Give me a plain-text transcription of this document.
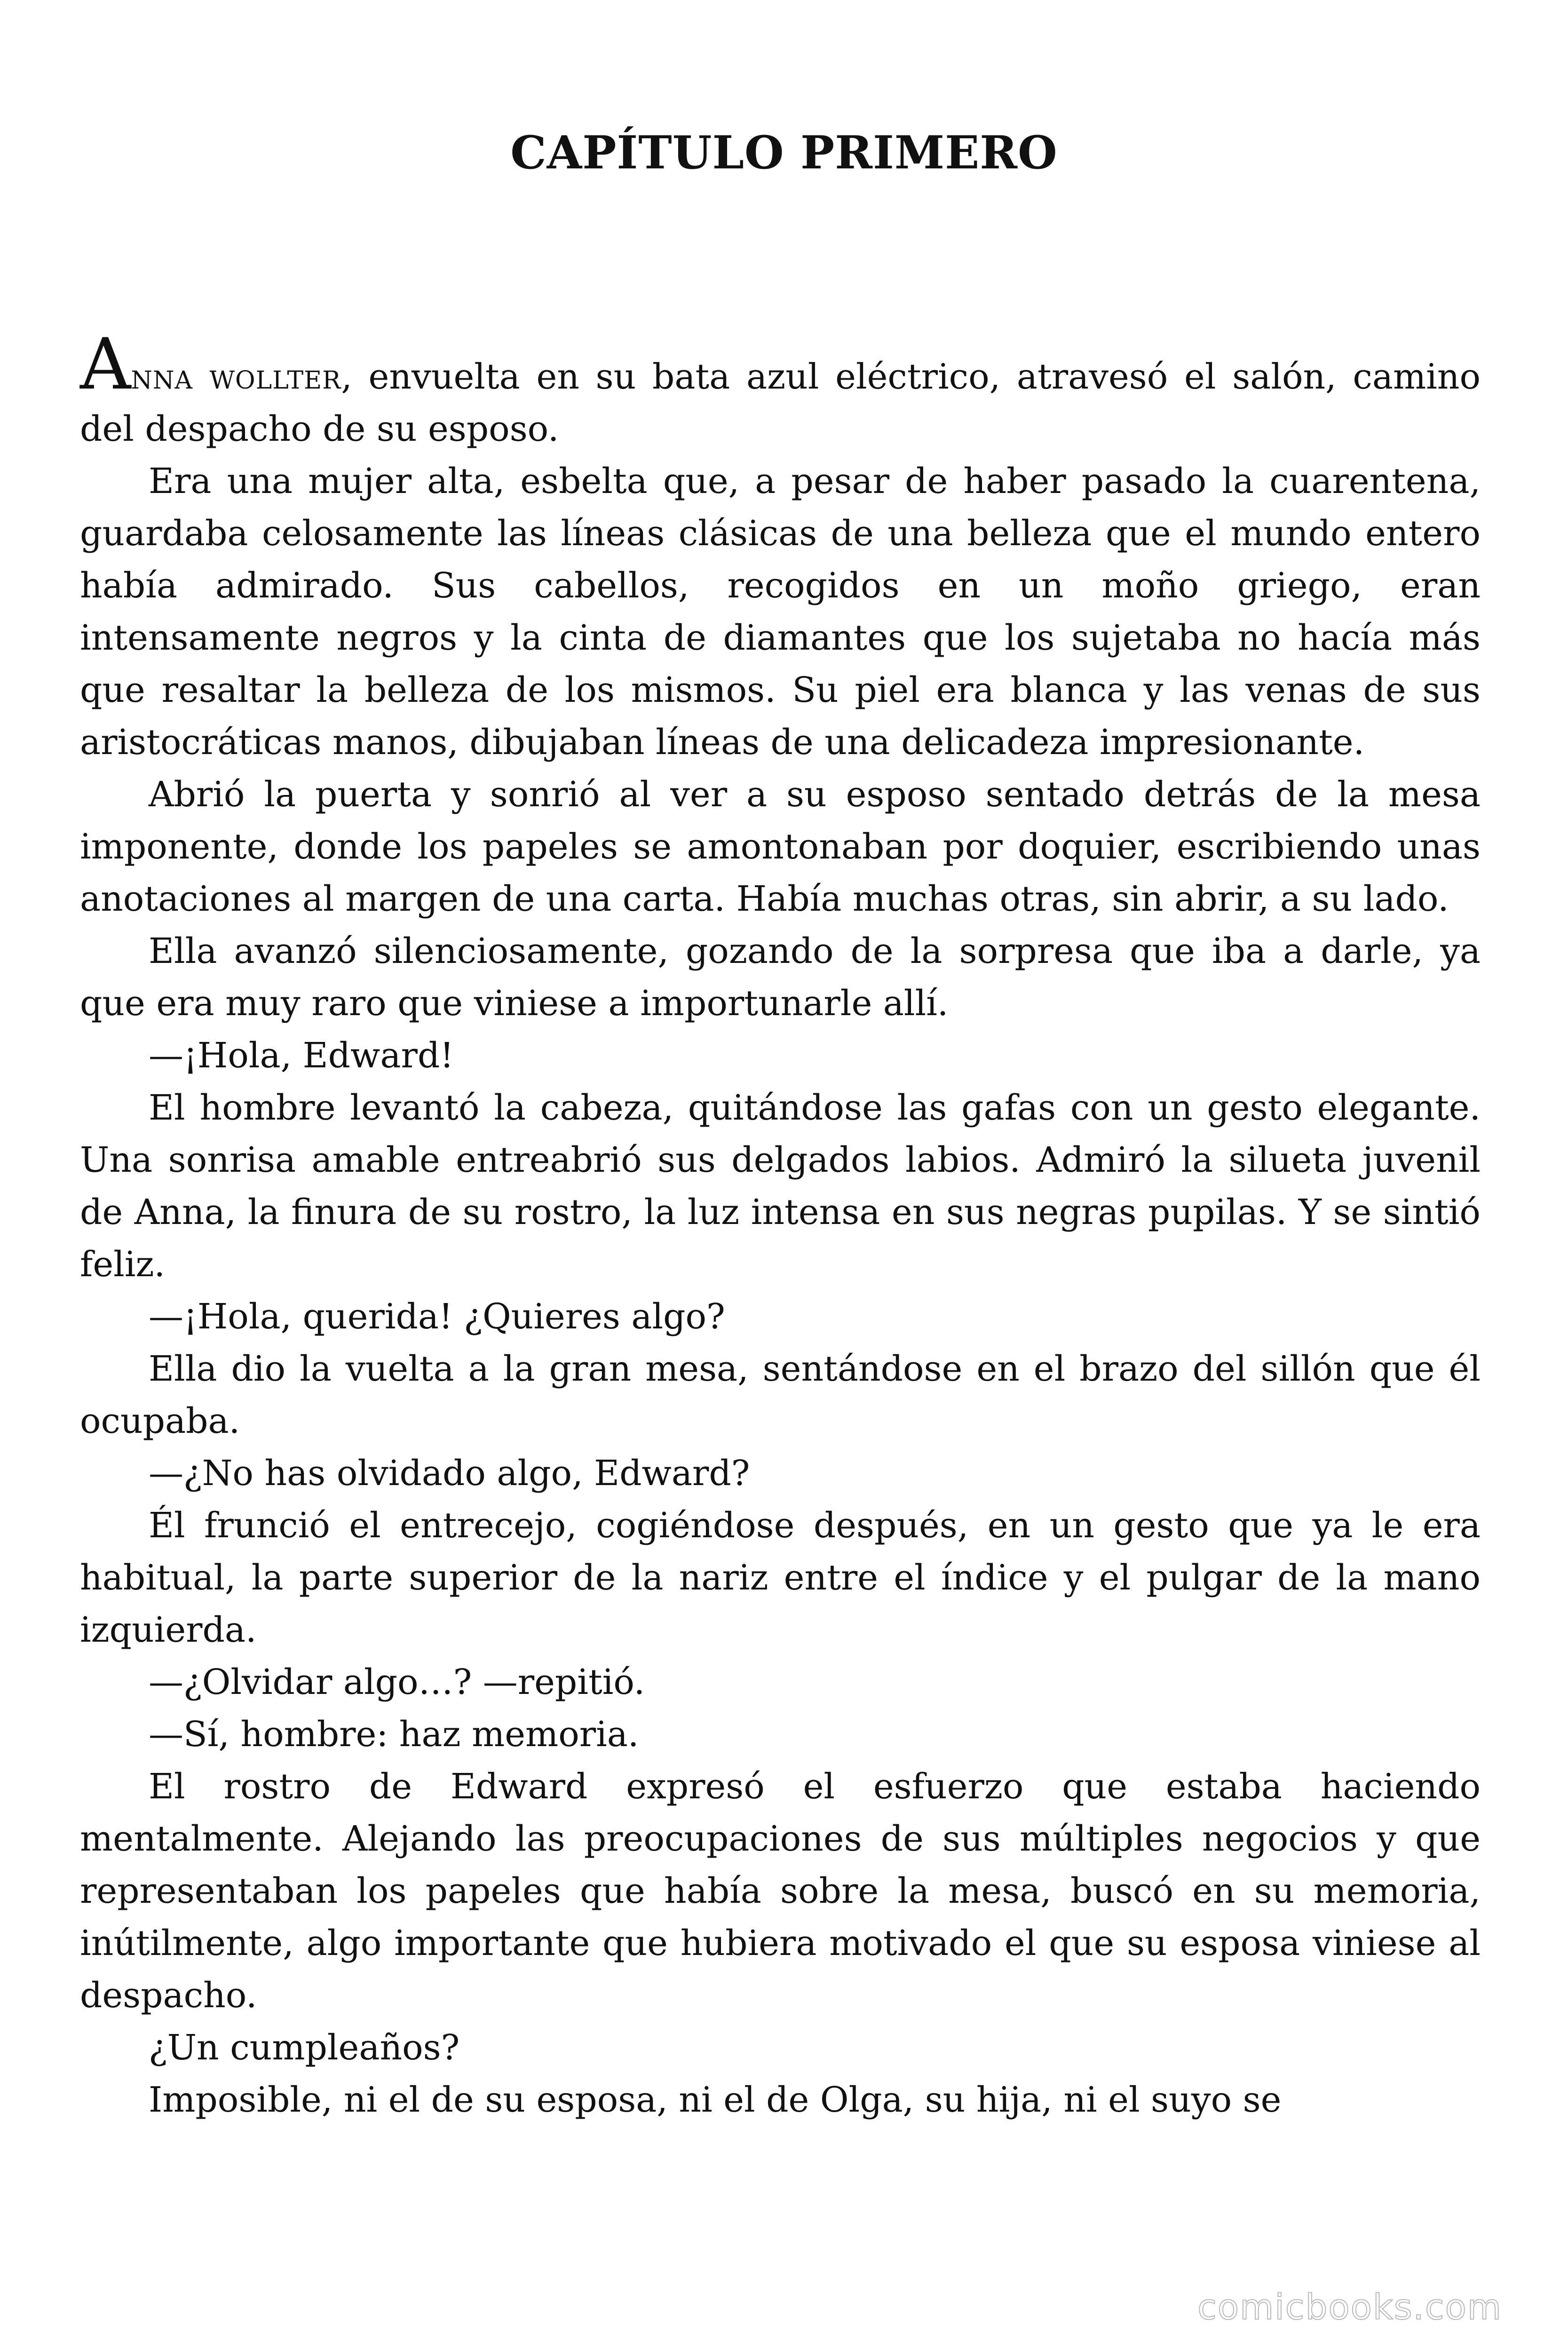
CAPÍTULO PRIMERO

Anna wollter, envuelta en su bata azul eléctrico, atravesó el salón, camino del despacho de su esposo.

Era una mujer alta, esbelta que, a pesar de haber pasado la cuarentena, guardaba celosamente las líneas clásicas de una belleza que el mundo entero había admirado. Sus cabellos, recogidos en un moño griego, eran intensamente negros y la cinta de diamantes que los sujetaba no hacía más que resaltar la belleza de los mismos. Su piel era blanca y las venas de sus aristocráticas manos, dibujaban líneas de una delicadeza impresionante.

Abrió la puerta y sonrió al ver a su esposo sentado detrás de la mesa imponente, donde los papeles se amontonaban por doquier, escribiendo unas anotaciones al margen de una carta. Había muchas otras, sin abrir, a su lado.

Ella avanzó silenciosamente, gozando de la sorpresa que iba a darle, ya que era muy raro que viniese a importunarle allí.

—¡Hola, Edward!

El hombre levantó la cabeza, quitándose las gafas con un gesto elegante. Una sonrisa amable entreabrió sus delgados labios. Admiró la silueta juvenil de Anna, la finura de su rostro, la luz intensa en sus negras pupilas. Y se sintió feliz.

—¡Hola, querida! ¿Quieres algo?

Ella dio la vuelta a la gran mesa, sentándose en el brazo del sillón que él ocupaba.

—¿No has olvidado algo, Edward?

Él frunció el entrecejo, cogiéndose después, en un gesto que ya le era habitual, la parte superior de la nariz entre el índice y el pulgar de la mano izquierda.

—¿Olvidar algo…? —repitió.

—Sí, hombre: haz memoria.

El rostro de Edward expresó el esfuerzo que estaba haciendo mentalmente. Alejando las preocupaciones de sus múltiples negocios y que representaban los papeles que había sobre la mesa, buscó en su memoria, inútilmente, algo importante que hubiera motivado el que su esposa viniese al despacho.

¿Un cumpleaños?

Imposible, ni el de su esposa, ni el de Olga, su hija, ni el suyo se

comicbooks.com
